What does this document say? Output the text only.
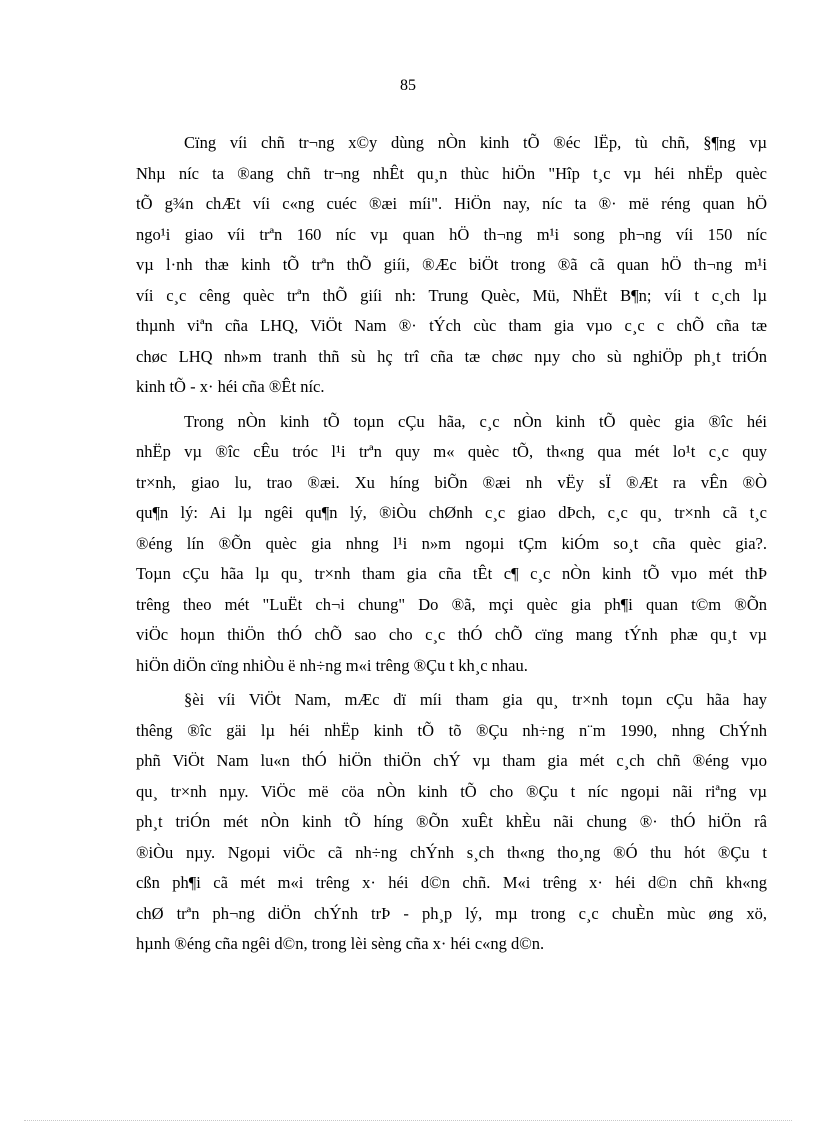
85
Cïng víi chñ tr¬ng x©y dùng nÒn kinh tÕ ®éc lËp, tù chñ, §¶ng vµ
Nhµ níc ta ®ang chñ tr¬ng nhÊt qu¸n thùc hiÖn "Hîp t¸c vµ héi nhËp quèc
tÕ g¾n chÆt víi c«ng cuéc ®æi míi". HiÖn nay, níc ta ®· më réng quan hÖ
ngo¹i giao víi trªn 160 níc vµ quan hÖ th¬ng m¹i song ph¬ng víi 150 níc
vµ l·nh thæ kinh tÕ trªn thÕ giíi, ®Æc biÖt trong ®ã cã quan hÖ th¬ng m¹i
víi c¸c cêng quèc trªn thÕ giíi nh: Trung Quèc, Mü, NhËt B¶n; víi t c¸ch lµ
thµnh viªn cña LHQ, ViÖt Nam ®· tÝch cùc tham gia vµo c¸c c chÕ cña tæ
chøc LHQ nh»m tranh thñ sù hç trî cña tæ chøc nµy cho sù nghiÖp ph¸t triÓn
kinh tÕ - x· héi cña ®Êt níc.
Trong nÒn kinh tÕ toµn cÇu hãa, c¸c nÒn kinh tÕ quèc gia ®îc héi
nhËp vµ ®îc cÊu tróc l¹i trªn quy m« quèc tÕ, th«ng qua mét lo¹t c¸c quy
tr×nh, giao lu, trao ®æi. Xu híng biÕn ®æi nh vËy sÏ ®Æt ra vÊn ®Ò
qu¶n lý: Ai lµ ngêi qu¶n lý, ®iÒu chØnh c¸c giao dÞch, c¸c qu¸ tr×nh cã t¸c
®éng lín ®Õn quèc gia nhng l¹i n»m ngoµi tÇm kiÓm so¸t cña quèc gia?.
Toµn cÇu hãa lµ qu¸ tr×nh tham gia cña tÊt c¶ c¸c nÒn kinh tÕ vµo mét thÞ
trêng theo mét "LuËt ch¬i chung" Do ®ã, mçi quèc gia ph¶i quan t©m ®Õn
viÖc hoµn thiÖn thÓ chÕ sao cho c¸c thÓ chÕ cïng mang tÝnh phæ qu¸t vµ
hiÖn diÖn cïng nhiÒu ë nh÷ng m«i trêng ®Çu t kh¸c nhau.
§èi víi ViÖt Nam, mÆc dï míi tham gia qu¸ tr×nh toµn cÇu hãa hay
thêng ®îc gäi lµ héi nhËp kinh tÕ tõ ®Çu nh÷ng n¨m 1990, nhng ChÝnh
phñ ViÖt Nam lu«n thÓ hiÖn thiÖn chÝ vµ tham gia mét c¸ch chñ ®éng vµo
qu¸ tr×nh nµy. ViÖc më cöa nÒn kinh tÕ cho ®Çu t níc ngoµi nãi riªng vµ
ph¸t triÓn mét nÒn kinh tÕ híng ®Õn xuÊt khÈu nãi chung ®· thÓ hiÖn râ
®iÒu nµy. Ngoµi viÖc cã nh÷ng chÝnh s¸ch th«ng tho¸ng ®Ó thu hót ®Çu t
cßn ph¶i cã mét m«i trêng x· héi d©n chñ. M«i trêng x· héi d©n chñ kh«ng
chØ trªn ph¬ng diÖn chÝnh trÞ - ph¸p lý, mµ trong c¸c chuÈn mùc øng xö,
hµnh ®éng cña ngêi d©n, trong lèi sèng cña x· héi c«ng d©n.
